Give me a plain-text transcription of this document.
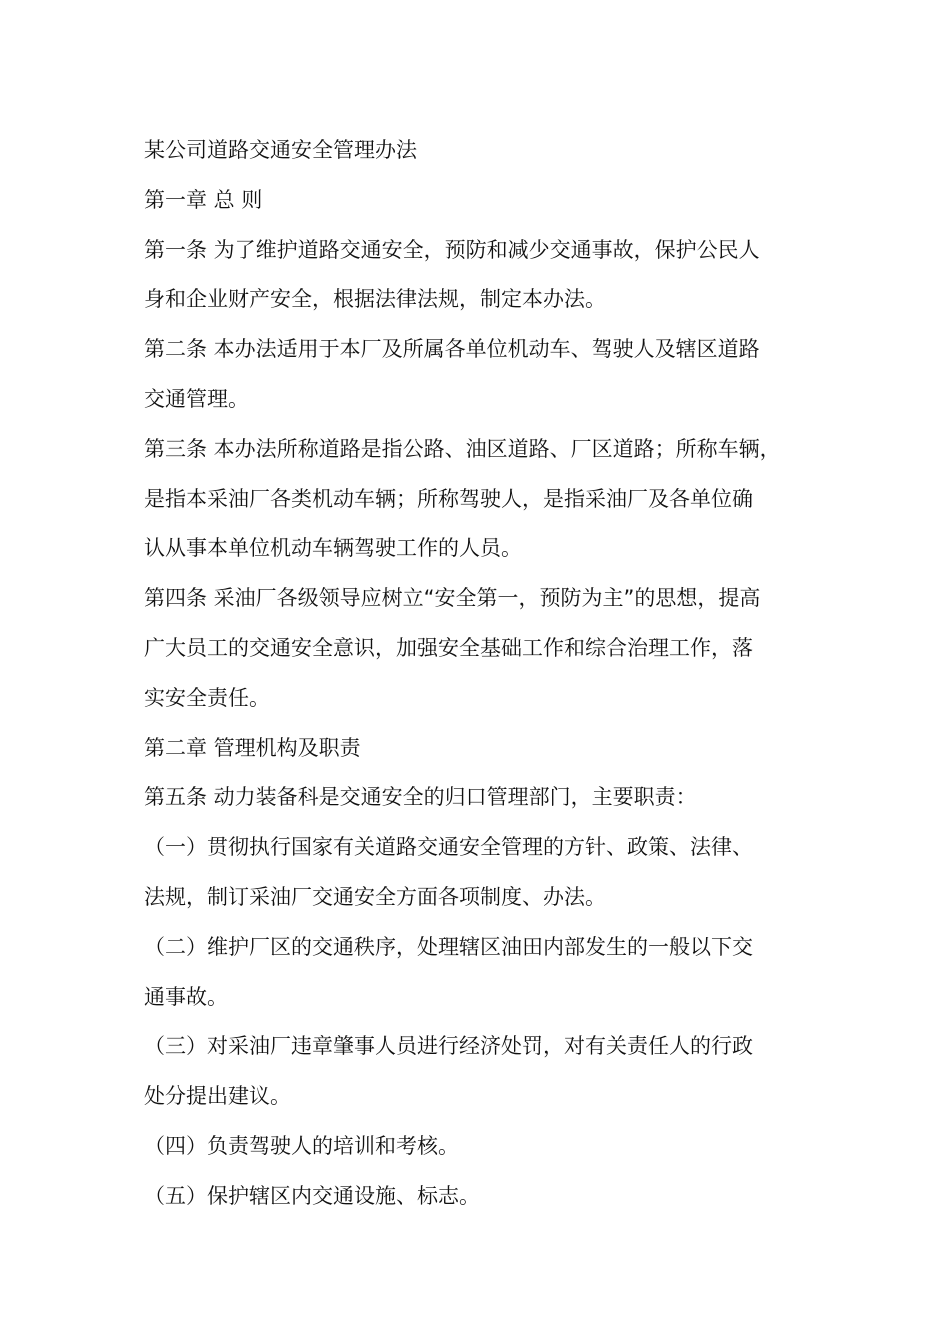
某公司道路交通安全管理办法

第一章 总 则

第一条 为了维护道路交通安全，预防和减少交通事故，保护公民人

身和企业财产安全，根据法律法规，制定本办法。

第二条 本办法适用于本厂及所属各单位机动车、驾驶人及辖区道路

交通管理。

第三条 本办法所称道路是指公路、油区道路、厂区道路；所称车辆，

是指本采油厂各类机动车辆；所称驾驶人，是指采油厂及各单位确

认从事本单位机动车辆驾驶工作的人员。

第四条 采油厂各级领导应树立“安全第一，预防为主”的思想，提高

广大员工的交通安全意识，加强安全基础工作和综合治理工作，落

实安全责任。

第二章 管理机构及职责

第五条 动力装备科是交通安全的归口管理部门，主要职责：

（一）贯彻执行国家有关道路交通安全管理的方针、政策、法律、

法规，制订采油厂交通安全方面各项制度、办法。

（二）维护厂区的交通秩序，处理辖区油田内部发生的一般以下交

通事故。

（三）对采油厂违章肇事人员进行经济处罚，对有关责任人的行政

处分提出建议。

（四）负责驾驶人的培训和考核。

（五）保护辖区内交通设施、标志。
